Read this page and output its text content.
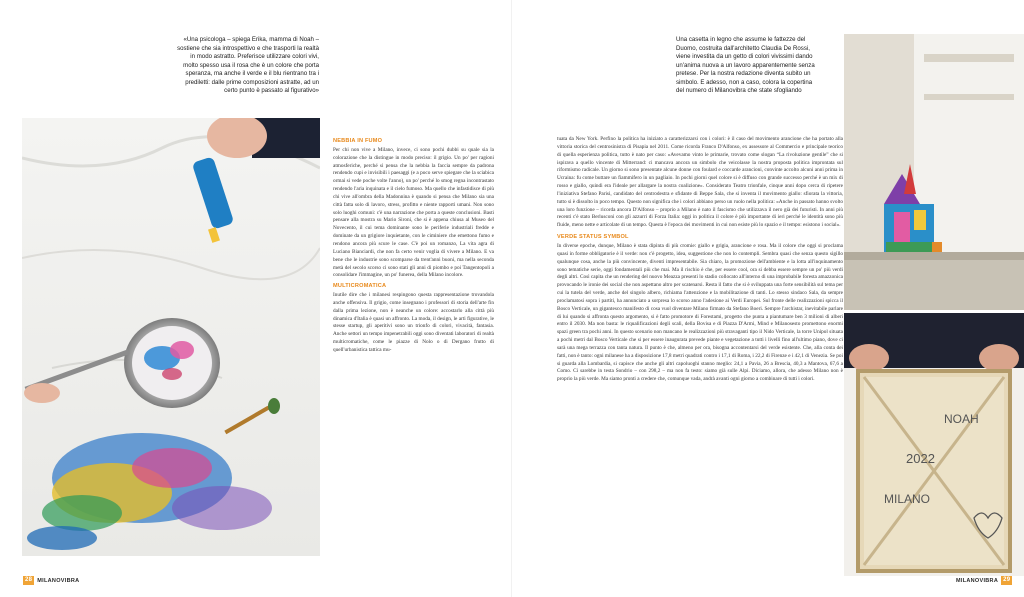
«Una psicologa – spiega Erika, mamma di Noah – sostiene che sia introspettivo e che trasporti la realtà in modo astratto. Preferisce utilizzare colori vivi, molto spesso usa il rosa che è un colore che porta speranza, ma anche il verde e il blu rientrano tra i prediletti: dalle prime composizioni astratte, ad un certo punto è passato al figurativo»
NEBBIA IN FUMO

Per chi non vive a Milano, invece, ci sono pochi dubbi su quale sia la colorazione che la distingue in modo preciso: il grigio. Un po' per ragioni atmosferiche, perché si pensa che la nebbia la faccia sempre da padrona rendendo cupi e invisibili i paesaggi (e a poco serve spiegare che la sciabica ormai si vede poche volte l'anno), un po' perché lo smog regna incontrastato rendendo l'aria inquinata e il cielo fumoso. Ma quello che infastidisce di più chi vive all'ombra della Madonnina è quando si pensa che Milano sia una città fatta solo di lavoro, stress, profitto e niente rapporti umani. Non sono solo luoghi comuni: c'è una narrazione che porta a queste conclusioni. Basti pensare alla mostra su Mario Sironi, che si è appena chiusa al Museo del Novecento, il cui tema dominante sono le periferie industriali fredde e dominate da un grigiore inquietante, con le ciminiere che emettono fumo e rendono ancora più scure le case. C'è poi un romanzo, La vita agra di Luciano Bianciardi, che non fa certo venir voglia di vivere a Milano. E va bene che le industrie sono scomparse da trent'anni buoni, ma nella seconda metà del secolo scorso ci sono stati gli anni di piombo e poi Tangentopoli a consolidare l'immagine, un po' funerea, della Milano incolore.

MULTICROMATICA

Inutile dire che i milanesi respingono questa rappresentazione trovandola anche offensiva. Il grigio, come insegnano i professori di storia dell'arte fin dalla prima lezione, non è neanche un colore: accostarlo alla città più dinamica d'Italia è quasi un affronto. La moda, il design, le arti figurative, le stesse startup, gli aperitivi sono un trionfo di colori, vivacità, fantasia. Anche settori un tempo impenetrabili oggi sono diventati laboratori di realtà multicromatiche, come le piazze di Nolo o di Dergano frutto di quell'urbanistica tattica mu-

28 MILANOVIBRA

tuata da New York. Perfino la politica ha iniziato a caratterizzarsi con i colori: è il caso del movimento arancione che ha portato alla vittoria storica del centrosinistra di Pisapia nel 2011. Come ricorda Franco D'Alfonso, ex assessore al Commercio e principale teorico di quella esperienza politica, tutto è nato per caso: «Avevamo vinto le primarie, trovato come slogan “La rivoluzione gentile” che si ispirava a quello vincente di Mitterrand: ci mancava ancora un simbolo che veicolasse la nostra proposta politica improntata sul riformismo radicale. Un giorno si sono presentate alcune donne con foulard e coccarde arancioni, convinte accolto alcuni anni prima in Ucraina: fu come buttare un fiammifero in un pagliaio. In pochi giorni quel colore si è diffuso con grande successo perché è un mix di rosso e giallo, quindi era l'ideale per allargare la nostra coalizione». Considerato Teatro trionfale, cinque anni dopo cerca di ripetere l'iniziativa Stefano Parisi, candidato del centrodestra e sfidante di Beppe Sala, che si inventa il movimento giallo: sfiorata la vittoria, tutto si è dissolto in poco tempo. Questo non significa che i colori abbiano perso un ruolo nella politica: «Anche in passato hanno svolto una loro funzione – ricorda ancora D'Alfonso – proprio a Milano è nato il fascismo che utilizzava il nero già dei futuristi. In anni più recenti c'è stato Berlusconi con gli azzurri di Forza Italia: oggi in politica il colore è più importante di ieri perché le identità sono più fluide, meno nette e articolate di un tempo. Questa è l'epoca dei movimenti in cui non esiste più lo spazio e il tempo: esistono i social».

VERDE STATUS SYMBOL

In diverse epoche, dunque, Milano è stata dipinta di più cromie: giallo e grigia, arancione e rosa. Ma il colore che oggi si proclama quasi in forme obbligatorie è il verde: non c'è progetto, idea, suggestione che non lo contempli. Sembra quasi che senza questo sigillo qualunque cosa, anche la più convincente, diventi impresentabile. Sia chiaro, la promozione dell'ambiente e la lotta all'inquinamento sono tematiche serie, oggi fondamentali più che mai. Ma il rischio è che, per essere cool, ora si debba essere sempre un po' più verdi degli altri. Così capita che un rendering del nuovo Meazza presenti lo stadio collocato all'interno di una improbabile foresta amazzonica provocando le ironie dei social che non aspettano altro per scatenarsi. Resta il fatto che si è sviluppata una forte sensibilità sul tema per cui la tutela del verde, anche del singolo albero, richiama l'attenzione e la mobilitazione di tanti. Lo stesso sindaco Sala, da sempre proclamatosi sopra i partiti, ha annunciato a sorpresa lo scorso anno l'adesione ai Verdi Europei. Sul fronte delle realizzazioni spicca il Bosco Verticale, un gigantesco manifesto di cosa vuol diventare Milano firmato da Stefano Boeri. Sempre l'archistar, inevitabile parlare di lui quando si affronta questo argomento, si è fatto promotore di Forestami, progetto che punta a piantumare ben 3 milioni di alberi entro il 2030. Ma non basta: le riqualificazioni degli scali, della Bovisa e di Piazza D'Armi, Mind e Milanosesto promettono enormi spazi green tra pochi anni. In questo scenario non mancano le realizzazioni più stravaganti tipo il Nido Verticale, la torre Unipol situata a pochi metri dal Bosco Verticale che si per essere inaugurata prevede piante e vegetazione a tutti i livelli fino all'ultimo piano, dove ci sarà una mega terrazza con tanta natura. Il punto è che, almeno per ora, bisogna accontentarsi del verde esistente. Che, alla conta dei fatti, non è tanto: ogni milanese ha a disposizione 17,8 metri quadrati contro i 17,1 di Roma, i 22,2 di Firenze e i 42,1 di Venezia. Se poi si guarda alla Lombardia, si capisce che anche gli altri capoluoghi stanno meglio: 24,1 a Pavia, 26 a Brescia, 40,3 a Mantova, 67,6 a Como. Ci sarebbe in testa Sondrio – con 298,2 – ma non fa testo: siamo già sulle Alpi. Diciamo, allora, che adesso Milano non è proprio la più verde. Ma siamo pronti a credere che, comunque vada, andrà avanti ogni giorno a combinare di tutti i colori.

Una casetta in legno che assume le fattezze del Duomo, costruita dall'architetto Claudia De Rossi, viene investita da un getto di colori vivissimi dando un'anima nuova a un lavoro apparentemente senza pretese. Per la nostra redazione diventa subito un simbolo. E adesso, non a caso, colora la copertina del numero di Milanovibra che state sfogliando
NOAH
2022
MILANO
MILANOVIBRA 29
